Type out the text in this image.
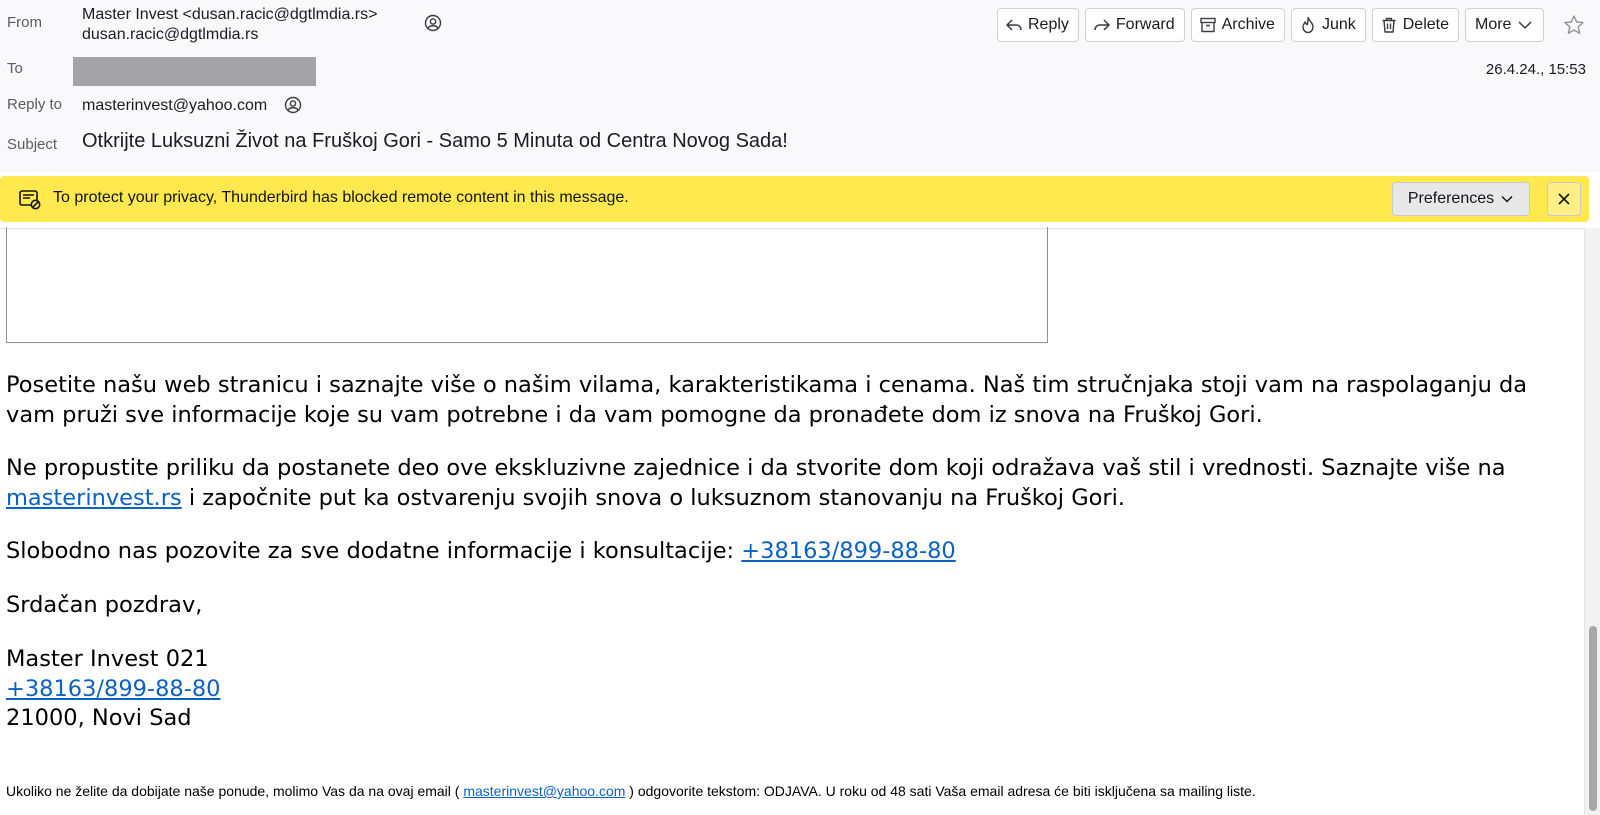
From	Master Invest <dusan.racic@dgtlmdia.rs>
dusan.racic@dgtlmdia.rs
To
Reply to masterinvest@yahoo.com
Subject Otkrijte Luksuzni Život na Fruškoj Gori - Samo 5 Minuta od Centra Novog Sada!
26.4.24., 15:53
Reply	Forward	Archive	Junk	Delete More
To protect your privacy, Thunderbird has blocked remote content in this message.	Preferences

Posetite našu web stranicu i saznajte više o našim vilama, karakteristikama i cenama. Naš tim stručnjaka stoji vam na raspolaganju da vam pruži sve informacije koje su vam potrebne i da vam pomogne da pronađete dom iz snova na Fruškoj Gori.

Ne propustite priliku da postanete deo ove ekskluzivne zajednice i da stvorite dom koji odražava vaš stil i vrednosti. Saznajte više na masterinvest.rs i započnite put ka ostvarenju svojih snova o luksuznom stanovanju na Fruškoj Gori.

Slobodno nas pozovite za sve dodatne informacije i konsultacije: +38163/899-88-80

Srdačan pozdrav,

Master Invest 021

+38163/899-88-80

21000, Novi Sad

Ukoliko ne želite da dobijate naše ponude, molimo Vas da na ovaj email ( masterinvest@yahoo.com ) odgovorite tekstom: ODJAVA. U roku od 48 sati Vaša email adresa će biti isključena sa mailing liste.
